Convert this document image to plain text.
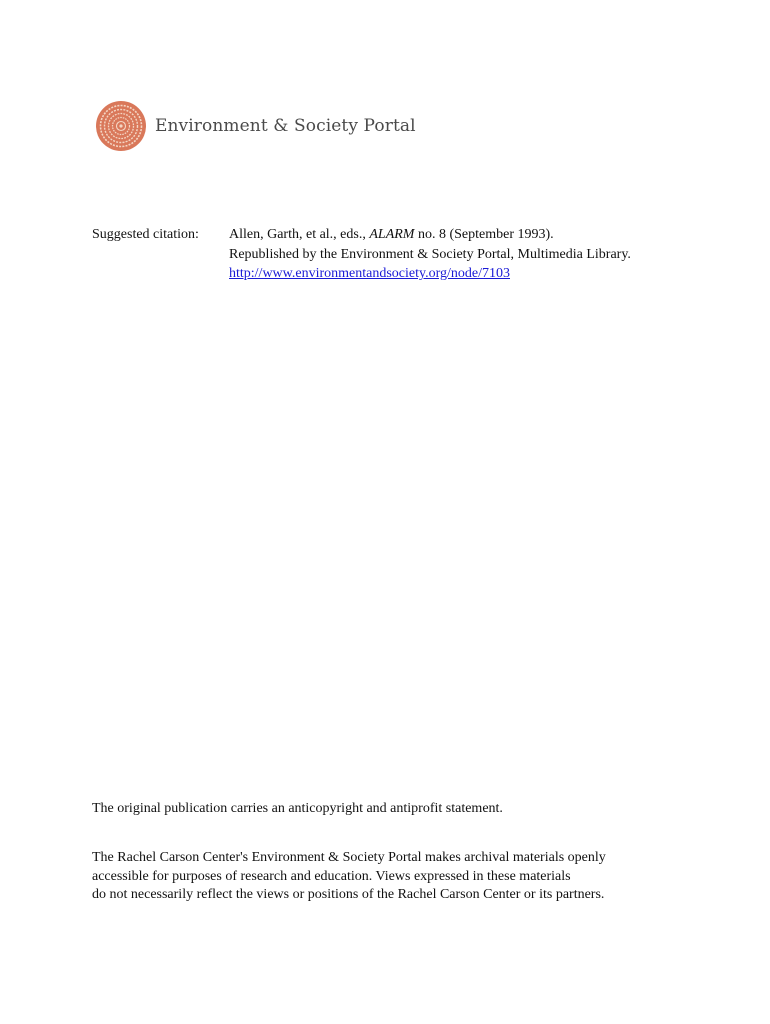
Environment & Society Portal
Suggested citation:	Allen, Garth, et al., eds., ALARM no. 8 (September 1993).
Republished by the Environment & Society Portal, Multimedia Library.
http://www.environmentandsociety.org/node/7103
The original publication carries an anticopyright and antiprofit statement.
The Rachel Carson Center's Environment & Society Portal makes archival materials openly
accessible for purposes of research and education. Views expressed in these materials
do not necessarily reflect the views or positions of the Rachel Carson Center or its partners.
